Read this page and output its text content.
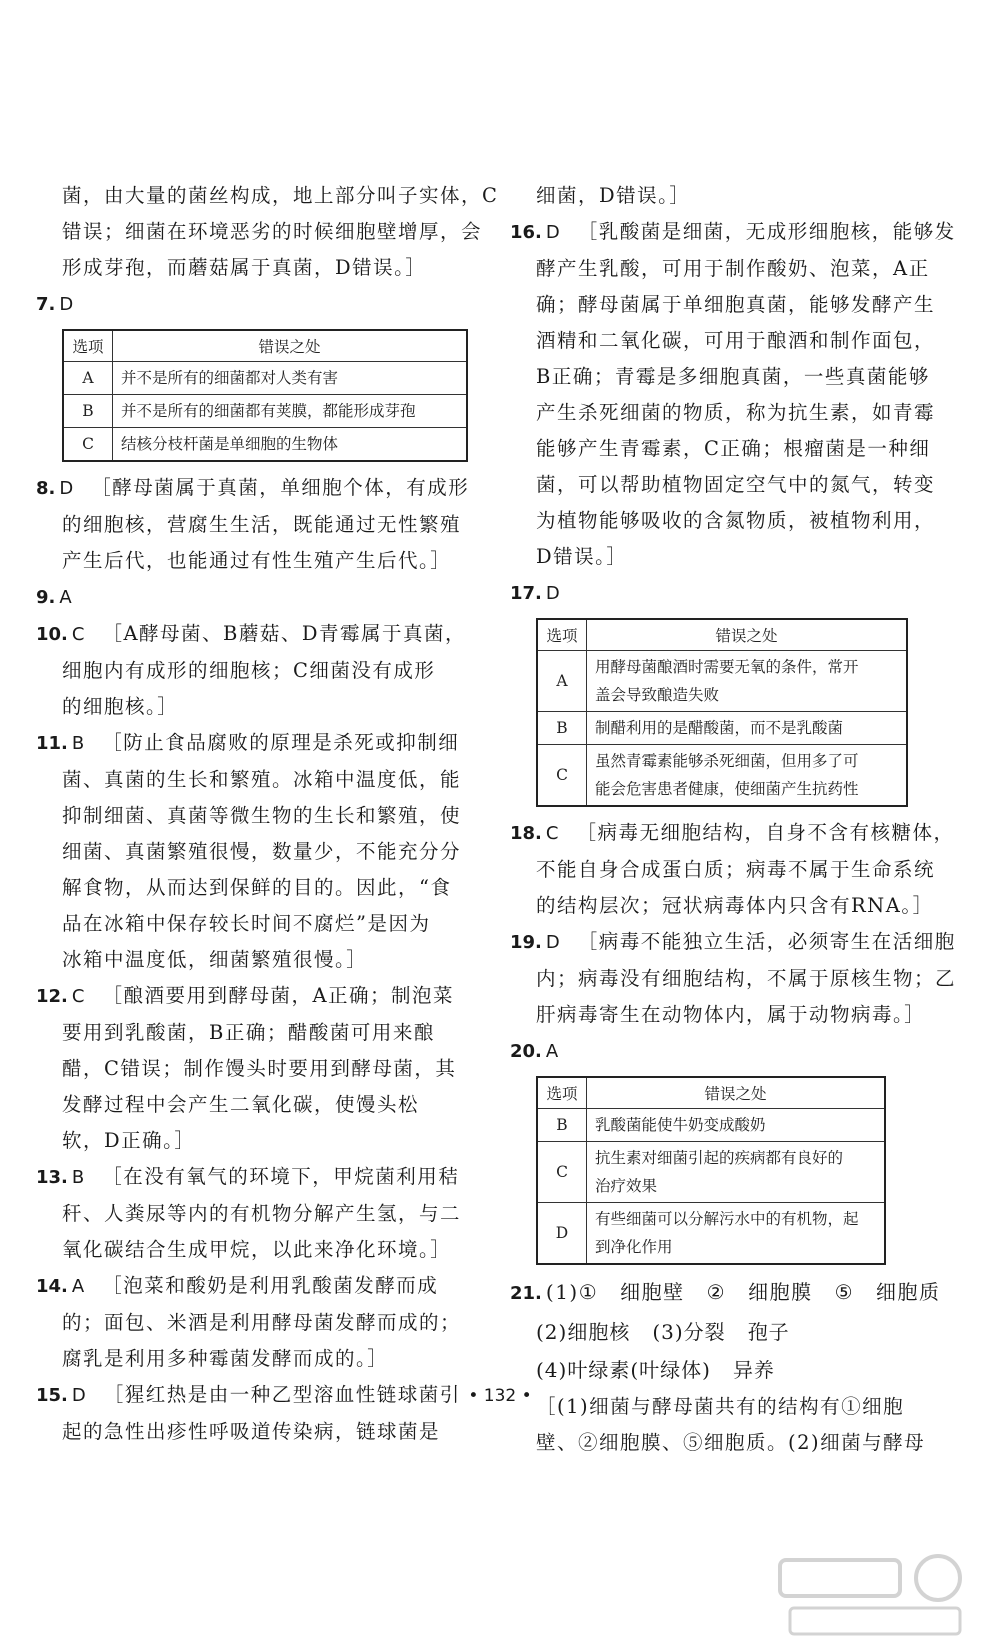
菌，由大量的菌丝构成，地上部分叫子实体，C
错误；细菌在环境恶劣的时候细胞壁增厚，会
形成芽孢，而蘑菇属于真菌，D错误。］
7. D
选项	错误之处
A	并不是所有的细菌都对人类有害
B	并不是所有的细菌都有荚膜，都能形成芽孢
C	结核分枝杆菌是单细胞的生物体
8. D ［酵母菌属于真菌，单细胞个体，有成形
的细胞核，营腐生生活，既能通过无性繁殖
产生后代，也能通过有性生殖产生后代。］
9. A
10. C ［A酵母菌、B蘑菇、D青霉属于真菌，
细胞内有成形的细胞核；C细菌没有成形
的细胞核。］
11. B ［防止食品腐败的原理是杀死或抑制细
菌、真菌的生长和繁殖。冰箱中温度低，能
抑制细菌、真菌等微生物的生长和繁殖，使
细菌、真菌繁殖很慢，数量少，不能充分分
解食物，从而达到保鲜的目的。因此，“食
品在冰箱中保存较长时间不腐烂”是因为
冰箱中温度低，细菌繁殖很慢。］
12. C ［酿酒要用到酵母菌，A正确；制泡菜
要用到乳酸菌，B正确；醋酸菌可用来酿
醋，C错误；制作馒头时要用到酵母菌，其
发酵过程中会产生二氧化碳，使馒头松
软，D正确。］
13. B ［在没有氧气的环境下，甲烷菌利用秸
秆、人粪尿等内的有机物分解产生氢，与二
氧化碳结合生成甲烷，以此来净化环境。］
14. A ［泡菜和酸奶是利用乳酸菌发酵而成
的；面包、米酒是利用酵母菌发酵而成的；
腐乳是利用多种霉菌发酵而成的。］
15. D ［猩红热是由一种乙型溶血性链球菌引
起的急性出疹性呼吸道传染病，链球菌是
细菌，D错误。］
16. D ［乳酸菌是细菌，无成形细胞核，能够发
酵产生乳酸，可用于制作酸奶、泡菜，A正
确；酵母菌属于单细胞真菌，能够发酵产生
酒精和二氧化碳，可用于酿酒和制作面包，
B正确；青霉是多细胞真菌，一些真菌能够
产生杀死细菌的物质，称为抗生素，如青霉
能够产生青霉素，C正确；根瘤菌是一种细
菌，可以帮助植物固定空气中的氮气，转变
为植物能够吸收的含氮物质，被植物利用，
D错误。］
17. D
选项	错误之处
A	用酵母菌酿酒时需要无氧的条件，常开
盖会导致酿造失败

B	制醋利用的是醋酸菌，而不是乳酸菌

C	虽然青霉素能够杀死细菌，但用多了可
能会危害患者健康，使细菌产生抗药性
18. C ［病毒无细胞结构，自身不含有核糖体，
不能自身合成蛋白质；病毒不属于生命系统
的结构层次；冠状病毒体内只含有RNA。］
19. D ［病毒不能独立生活，必须寄生在活细胞
内；病毒没有细胞结构，不属于原核生物；乙
肝病毒寄生在动物体内，属于动物病毒。］
20. A
选项	错误之处
B	乳酸菌能使牛奶变成酸奶

C	抗生素对细菌引起的疾病都有良好的
治疗效果

D	有些细菌可以分解污水中的有机物，起
到净化作用
21. (1)① 细胞壁 ② 细胞膜 ⑤ 细胞质
(2)细胞核 (3)分裂 孢子
(4)叶绿素(叶绿体) 异养
［(1)细菌与酵母菌共有的结构有①细胞
壁、②细胞膜、⑤细胞质。(2)细菌与酵母
• 132 •
